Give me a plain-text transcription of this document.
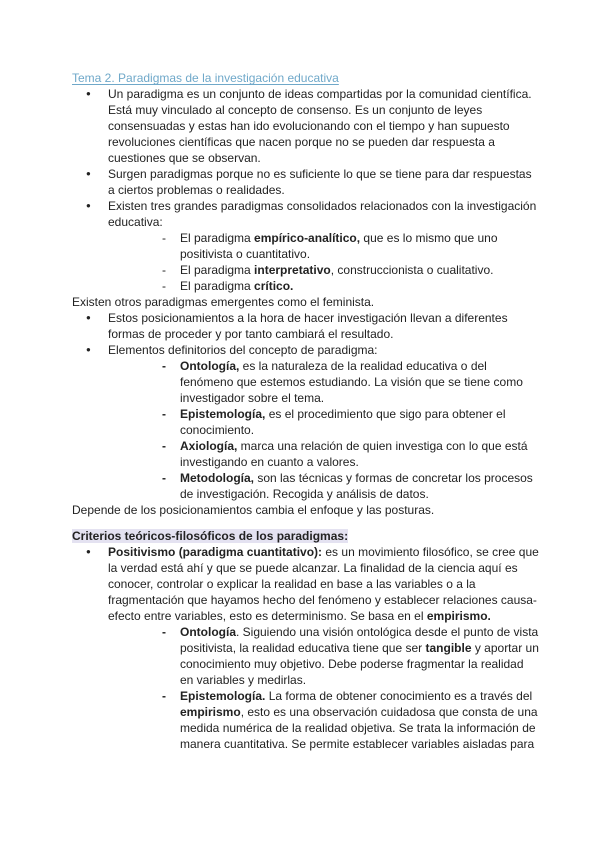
Tema 2. Paradigmas de la investigación educativa

● Un paradigma es un conjunto de ideas compartidas por la comunidad científica. Está muy vinculado al concepto de consenso. Es un conjunto de leyes consensuadas y estas han ido evolucionando con el tiempo y han supuesto revoluciones científicas que nacen porque no se pueden dar respuesta a cuestiones que se observan.
● Surgen paradigmas porque no es suficiente lo que se tiene para dar respuestas a ciertos problemas o realidades.
● Existen tres grandes paradigmas consolidados relacionados con la investigación educativa:
- El paradigma empírico-analítico, que es lo mismo que uno positivista o cuantitativo.
- El paradigma interpretativo, construccionista o cualitativo.
- El paradigma crítico.

Existen otros paradigmas emergentes como el feminista.

● Estos posicionamientos a la hora de hacer investigación llevan a diferentes formas de proceder y por tanto cambiará el resultado.
● Elementos definitorios del concepto de paradigma:
- Ontología, es la naturaleza de la realidad educativa o del fenómeno que estemos estudiando. La visión que se tiene como investigador sobre el tema.
- Epistemología, es el procedimiento que sigo para obtener el conocimiento.
- Axiología, marca una relación de quien investiga con lo que está investigando en cuanto a valores.
- Metodología, son las técnicas y formas de concretar los procesos de investigación. Recogida y análisis de datos.

Depende de los posicionamientos cambia el enfoque y las posturas.

Criterios teóricos-filosóficos de los paradigmas:

● Positivismo (paradigma cuantitativo): es un movimiento filosófico, se cree que la verdad está ahí y que se puede alcanzar. La finalidad de la ciencia aquí es conocer, controlar o explicar la realidad en base a las variables o a la fragmentación que hayamos hecho del fenómeno y establecer relaciones causa-efecto entre variables, esto es determinismo. Se basa en el empirismo.
- Ontología. Siguiendo una visión ontológica desde el punto de vista positivista, la realidad educativa tiene que ser tangible y aportar un conocimiento muy objetivo. Debe poderse fragmentar la realidad en variables y medirlas.
- Epistemología. La forma de obtener conocimiento es a través del empirismo, esto es una observación cuidadosa que consta de una medida numérica de la realidad objetiva. Se trata la información de manera cuantitativa. Se permite establecer variables aisladas para
